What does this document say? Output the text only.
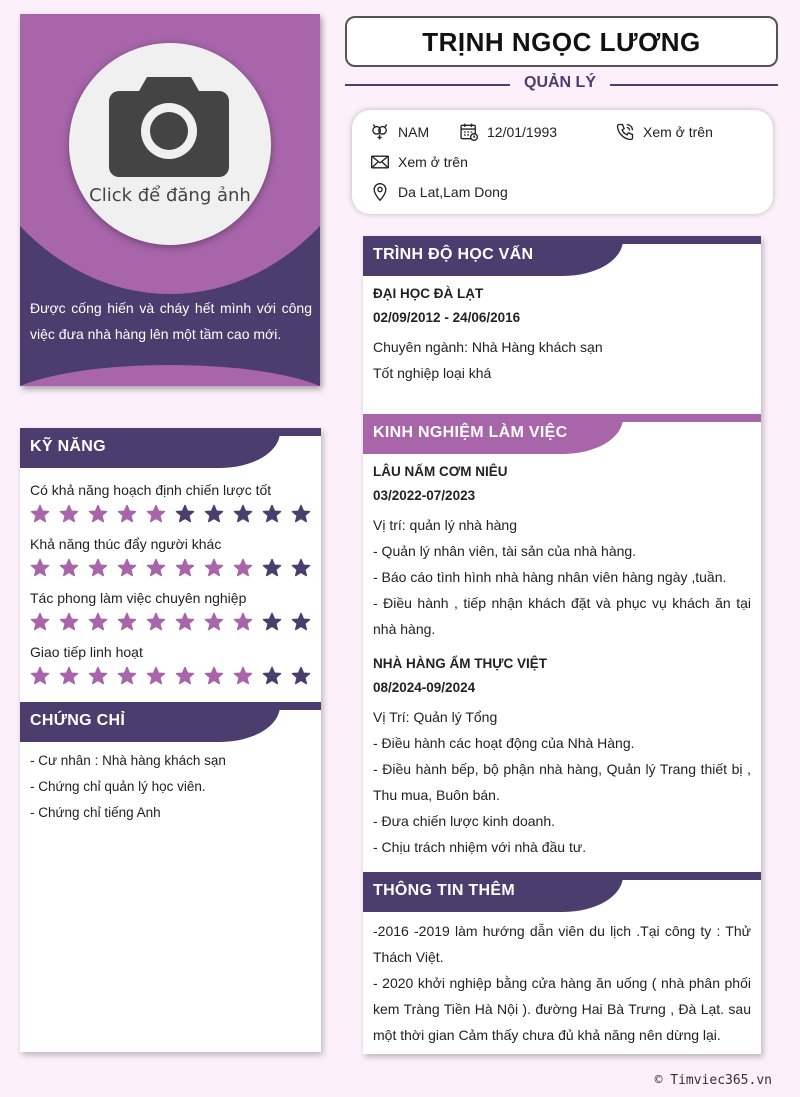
Click để đăng ảnh
Được cống hiến và cháy hết mình với công việc đưa nhà hàng lên một tầm cao mới.
KỸ NĂNG
Có khả năng hoạch định chiến lược tốt
Khả năng thúc đẩy người khác
Tác phong làm việc chuyên nghiệp
Giao tiếp linh hoạt
CHỨNG CHỈ
- Cư nhân : Nhà hàng khách sạn
- Chứng chỉ quản lý học viên.
- Chứng chỉ tiếng Anh
TRỊNH NGỌC LƯƠNG
QUẢN LÝ
NAM	12/01/1993	Xem ở trên
Xem ở trên
Da Lat,Lam Dong
TRÌNH ĐỘ HỌC VẤN
ĐẠI HỌC ĐÀ LẠT
02/09/2012 - 24/06/2016
Chuyên ngành: Nhà Hàng khách sạn
Tốt nghiệp loại khá
KINH NGHIỆM LÀM VIỆC
LÂU NẤM CƠM NIÊU
03/2022-07/2023
Vị trí: quản lý nhà hàng
- Quản lý nhân viên, tài sản của nhà hàng.
- Báo cáo tình hình nhà hàng nhân viên hàng ngày ,tuần.
- Điều hành , tiếp nhận khách đặt và phục vụ khách ăn tại nhà hàng.
NHÀ HÀNG ẨM THỰC VIỆT
08/2024-09/2024
Vị Trí: Quản lý Tổng
- Điều hành các hoạt động của Nhà Hàng.
- Điều hành bếp, bộ phận nhà hàng, Quản lý Trang thiết bị , Thu mua, Buôn bán.
- Đưa chiến lược kinh doanh.
- Chịu trách nhiệm với nhà đầu tư.
THÔNG TIN THÊM
-2016 -2019 làm hướng dẫn viên du lịch .Tại công ty : Thử Thách Việt.
- 2020 khởi nghiệp bằng cửa hàng ăn uống ( nhà phân phối kem Tràng Tiền Hà Nội ). đường Hai Bà Trưng , Đà Lạt. sau một thời gian Cảm thấy chưa đủ khả năng nên dừng lại.
© Timviec365.vn
